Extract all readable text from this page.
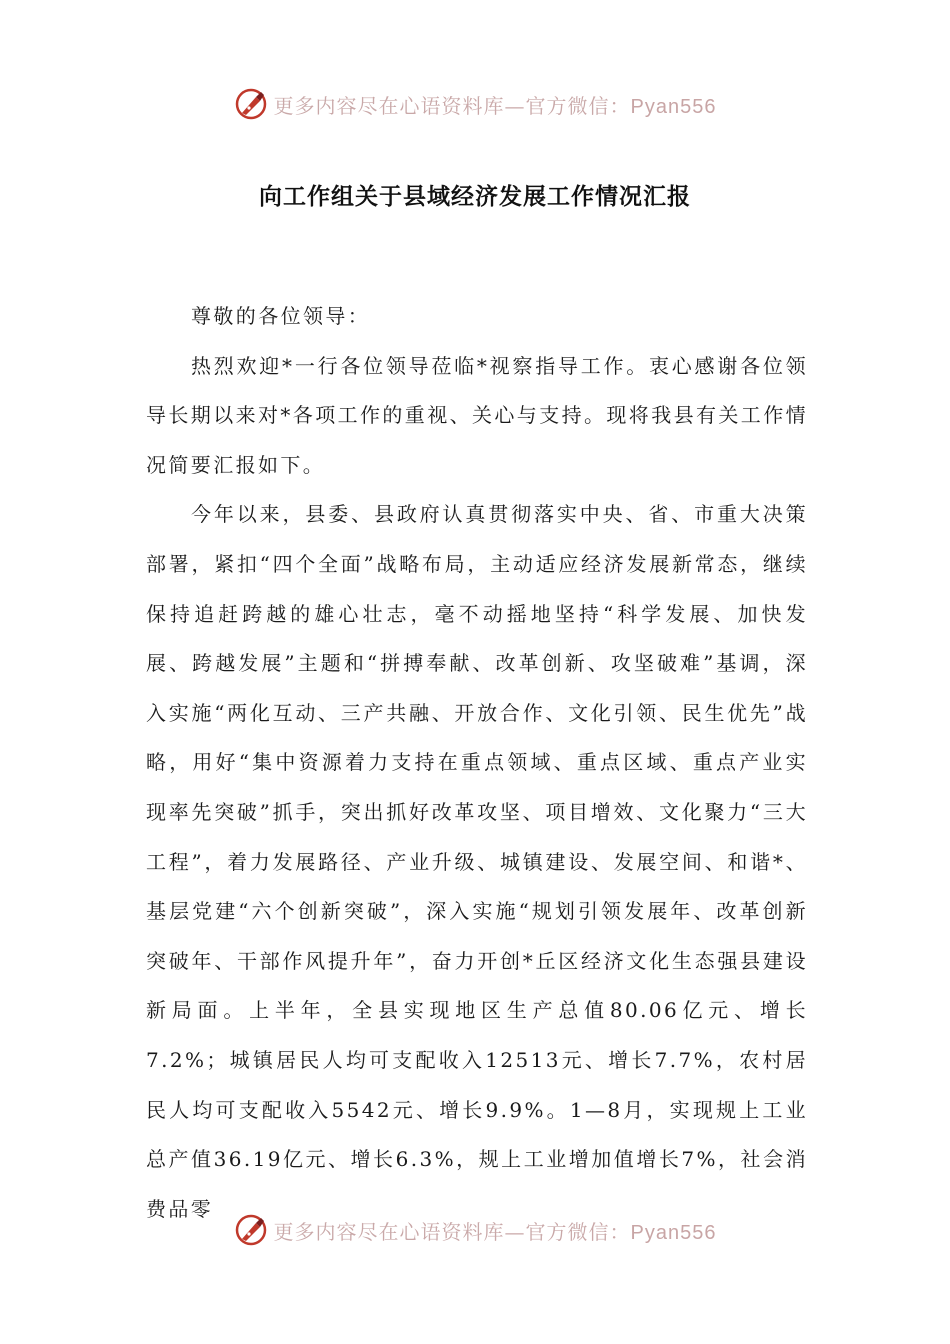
更多内容尽在心语资料库—官方微信：Pyan556
向工作组关于县域经济发展工作情况汇报

尊敬的各位领导：

热烈欢迎*一行各位领导莅临*视察指导工作。衷心感谢各位领导长期以来对*各项工作的重视、关心与支持。现将我县有关工作情况简要汇报如下。

今年以来，县委、县政府认真贯彻落实中央、省、市重大决策部署，紧扣“四个全面”战略布局，主动适应经济发展新常态，继续保持追赶跨越的雄心壮志，毫不动摇地坚持“科学发展、加快发展、跨越发展”主题和“拼搏奉献、改革创新、攻坚破难”基调，深入实施“两化互动、三产共融、开放合作、文化引领、民生优先”战略，用好“集中资源着力支持在重点领域、重点区域、重点产业实现率先突破”抓手，突出抓好改革攻坚、项目增效、文化聚力“三大工程”，着力发展路径、产业升级、城镇建设、发展空间、和谐*、基层党建“六个创新突破”，深入实施“规划引领发展年、改革创新突破年、干部作风提升年”，奋力开创*丘区经济文化生态强县建设新局面。上半年，全县实现地区生产总值80.06亿元、增长7.2%；城镇居民人均可支配收入12513元、增长7.7%，农村居民人均可支配收入5542元、增长9.9%。1—8月，实现规上工业总产值36.19亿元、增长6.3%，规上工业增加值增长7%，社会消费品零

更多内容尽在心语资料库—官方微信：Pyan556
